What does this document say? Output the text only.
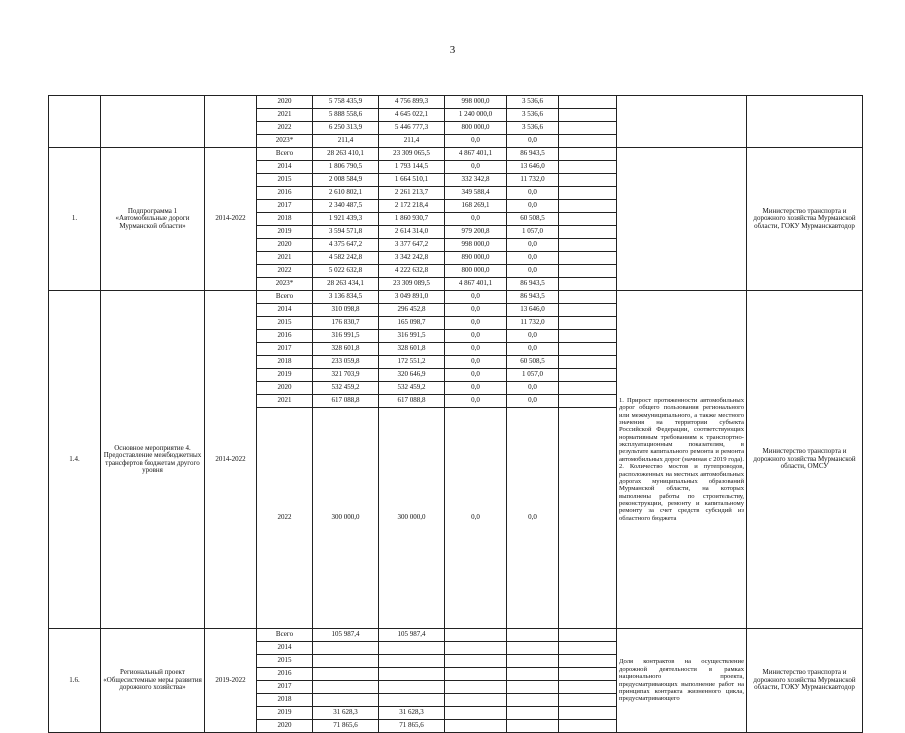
3
			2020	5 758 435,9	4 756 899,3	998 000,0	3 536,6			
			2021	5 888 558,6	4 645 022,1	1 240 000,0	3 536,6			
			2022	6 250 313,9	5 446 777,3	800 000,0	3 536,6			
			2023*	211,4	211,4	0,0	0,0			
1.	Подпрограмма 1 «Автомобильные дороги Мурманской области»	2014-2022	Всего	28 263 410,1	23 309 065,5	4 867 401,1	86 943,5			Министерство транспорта и дорожного хозяйства Мурманской области, ГОКУ Мурманскавтодор
			2014	1 806 790,5	1 793 144,5	0,0	13 646,0			
			2015	2 008 584,9	1 664 510,1	332 342,8	11 732,0			
			2016	2 610 802,1	2 261 213,7	349 588,4	0,0			
			2017	2 340 487,5	2 172 218,4	168 269,1	0,0			
			2018	1 921 439,3	1 860 930,7	0,0	60 508,5			
			2019	3 594 571,8	2 614 314,0	979 200,8	1 057,0			
			2020	4 375 647,2	3 377 647,2	998 000,0	0,0			
			2021	4 582 242,8	3 342 242,8	890 000,0	0,0			
			2022	5 022 632,8	4 222 632,8	800 000,0	0,0			
			2023*	28 263 434,1	23 309 089,5	4 867 401,1	86 943,5			
1.4.	Основное мероприятие 4. Предоставление межбюджетных трансфертов бюджетам другого уровня	2014-2022	Всего	3 136 834,5	3 049 891,0	0,0	86 943,5		1. Прирост протяженности автомобильных дорог общего пользования регионального или межмуниципального, а также местного значения на территории субъекта Российской Федерации, соответствующих нормативным требованиям к транспортно-эксплуатационным показателям, в результате капитального ремонта и ремонта автомобильных дорог (начиная с 2019 года). 2. Количество мостов и путепроводов, расположенных на местных автомобильных дорогах муниципальных образований Мурманской области, на которых выполнены работы по строительству, реконструкции, ремонту и капитальному ремонту за счет средств субсидий из областного бюджета	Министерство транспорта и дорожного хозяйства Мурманской области, ОМСУ
			2014	310 098,8	296 452,8	0,0	13 646,0			
			2015	176 830,7	165 098,7	0,0	11 732,0			
			2016	316 991,5	316 991,5	0,0	0,0			
			2017	328 601,8	328 601,8	0,0	0,0			
			2018	233 059,8	172 551,2	0,0	60 508,5			
			2019	321 703,9	320 646,9	0,0	1 057,0			
			2020	532 459,2	532 459,2	0,0	0,0			
			2021	617 088,8	617 088,8	0,0	0,0			
			2022	300 000,0	300 000,0	0,0	0,0			
1.6.	Региональный проект «Общесистемные меры развития дорожного хозяйства»	2019-2022	Всего	105 987,4	105 987,4				Доля контрактов на осуществление дорожной деятельности в рамках национального проекта, предусматривающих выполнение работ на принципах контракта жизненного цикла, предусматривающего	Министерство транспорта и дорожного хозяйства Мурманской области, ГОКУ Мурманскавтодор
			2014							
			2015							
			2016							
			2017							
			2018							
			2019	31 628,3	31 628,3					
			2020	71 865,6	71 865,6					
